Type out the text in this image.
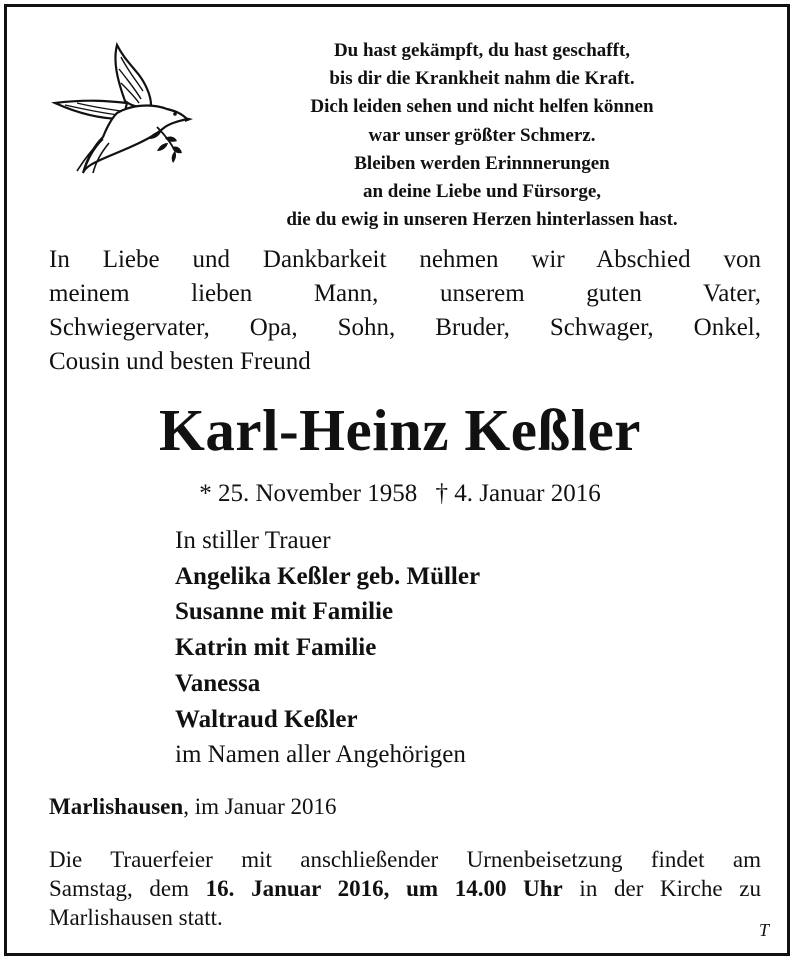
Du hast gekämpft, du hast geschafft,
bis dir die Krankheit nahm die Kraft.
Dich leiden sehen und nicht helfen können
war unser größter Schmerz.
Bleiben werden Erinnnerungen
an deine Liebe und Fürsorge,
die du ewig in unseren Herzen hinterlassen hast.
In Liebe und Dankbarkeit nehmen wir Abschied von
meinem lieben Mann, unserem guten Vater,
Schwiegervater, Opa, Sohn, Bruder, Schwager, Onkel,
Cousin und besten Freund
Karl-Heinz Keßler
* 25. November 1958 † 4. Januar 2016
In stiller Trauer
Angelika Keßler geb. Müller
Susanne mit Familie
Katrin mit Familie
Vanessa
Waltraud Keßler
im Namen aller Angehörigen
Marlishausen, im Januar 2016
Die Trauerfeier mit anschließender Urnenbeisetzung findet am
Samstag, dem 16. Januar 2016, um 14.00 Uhr in der Kirche zu
Marlishausen statt.	T
